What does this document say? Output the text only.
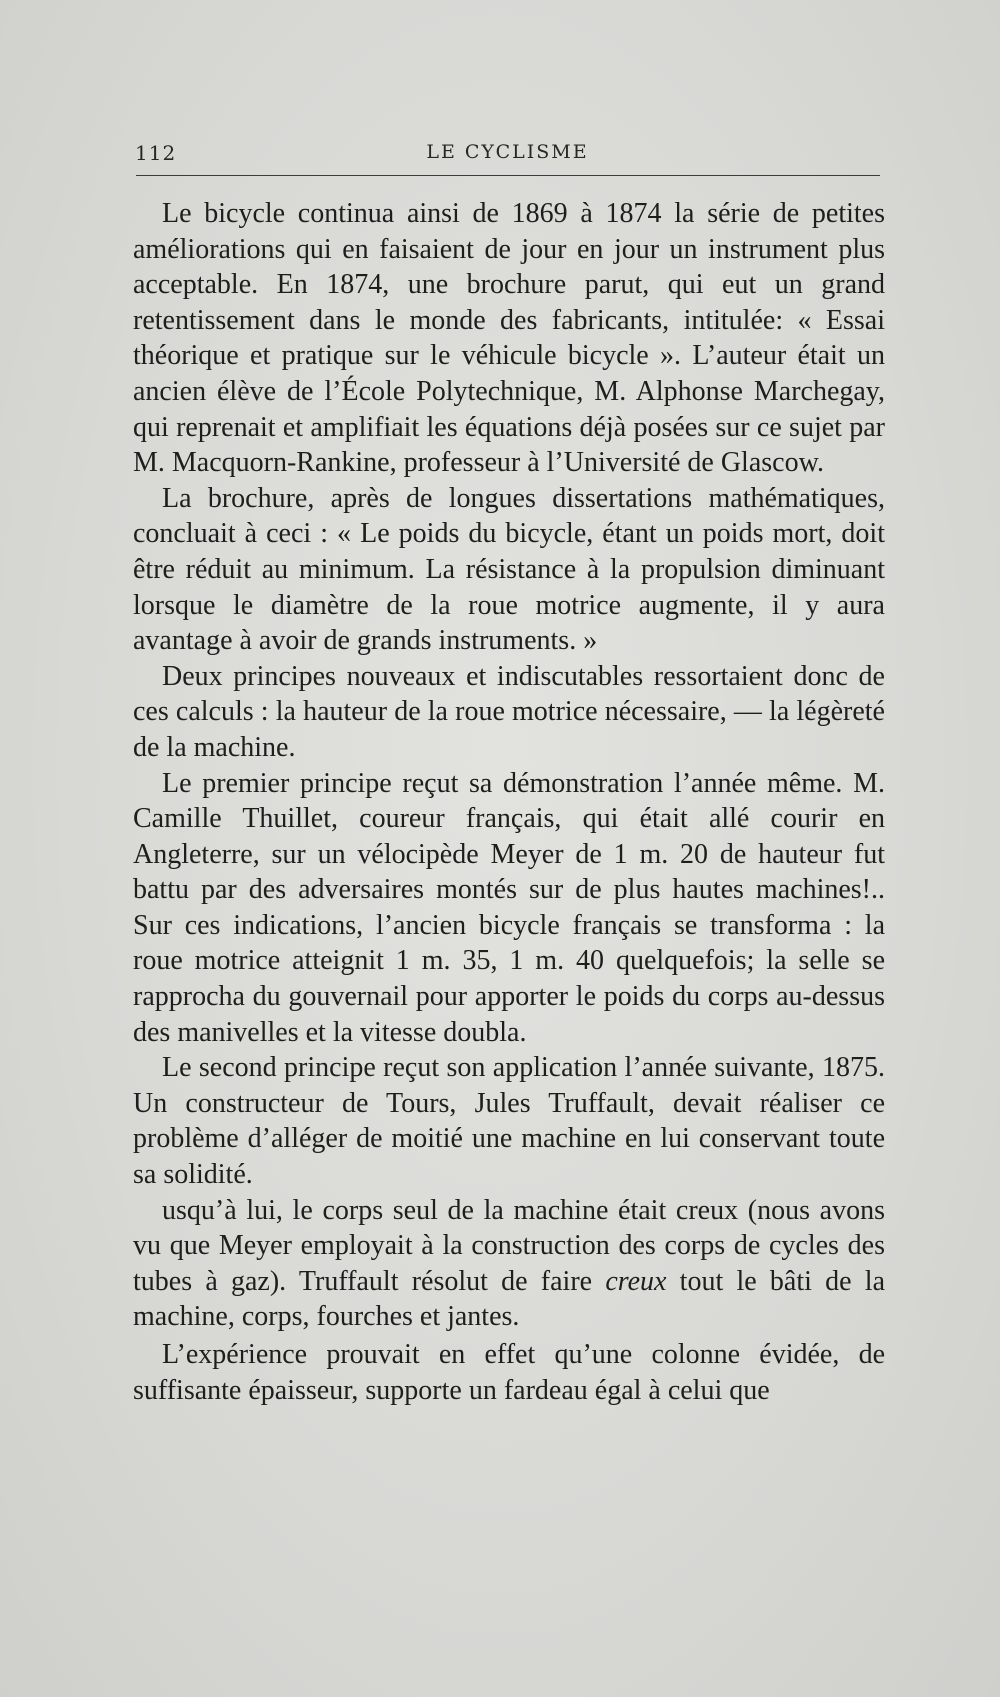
112	LE CYCLISME

Le bicycle continua ainsi de 1869 à 1874 la série de petites améliorations qui en faisaient de jour en jour un instrument plus acceptable. En 1874, une brochure parut, qui eut un grand retentissement dans le monde des fabricants, intitulée: « Essai théorique et pratique sur le véhicule bicycle ». L’auteur était un ancien élève de l’École Polytechnique, M. Alphonse Marchegay, qui reprenait et amplifiait les équations déjà posées sur ce sujet par M. Macquorn-Rankine, professeur à l’Université de Glascow.

La brochure, après de longues dissertations mathématiques, concluait à ceci : « Le poids du bicycle, étant un poids mort, doit être réduit au minimum. La résistance à la propulsion diminuant lorsque le diamètre de la roue motrice augmente, il y aura avantage à avoir de grands instruments. »

Deux principes nouveaux et indiscutables ressortaient donc de ces calculs : la hauteur de la roue motrice nécessaire, — la légèreté de la machine.

Le premier principe reçut sa démonstration l’année même. M. Camille Thuillet, coureur français, qui était allé courir en Angleterre, sur un vélocipède Meyer de 1 m. 20 de hauteur fut battu par des adversaires montés sur de plus hautes machines!.. Sur ces indications, l’ancien bicycle français se transforma : la roue motrice atteignit 1 m. 35, 1 m. 40 quelquefois; la selle se rapprocha du gouvernail pour apporter le poids du corps au-dessus des manivelles et la vitesse doubla.

Le second principe reçut son application l’année suivante, 1875. Un constructeur de Tours, Jules Truffault, devait réaliser ce problème d’alléger de moitié une machine en lui conservant toute sa solidité.

usqu’à lui, le corps seul de la machine était creux (nous avons vu que Meyer employait à la construction des corps de cycles des tubes à gaz). Truffault résolut de faire creux tout le bâti de la machine, corps, fourches et jantes.

L’expérience prouvait en effet qu’une colonne évidée, de suffisante épaisseur, supporte un fardeau égal à celui que
